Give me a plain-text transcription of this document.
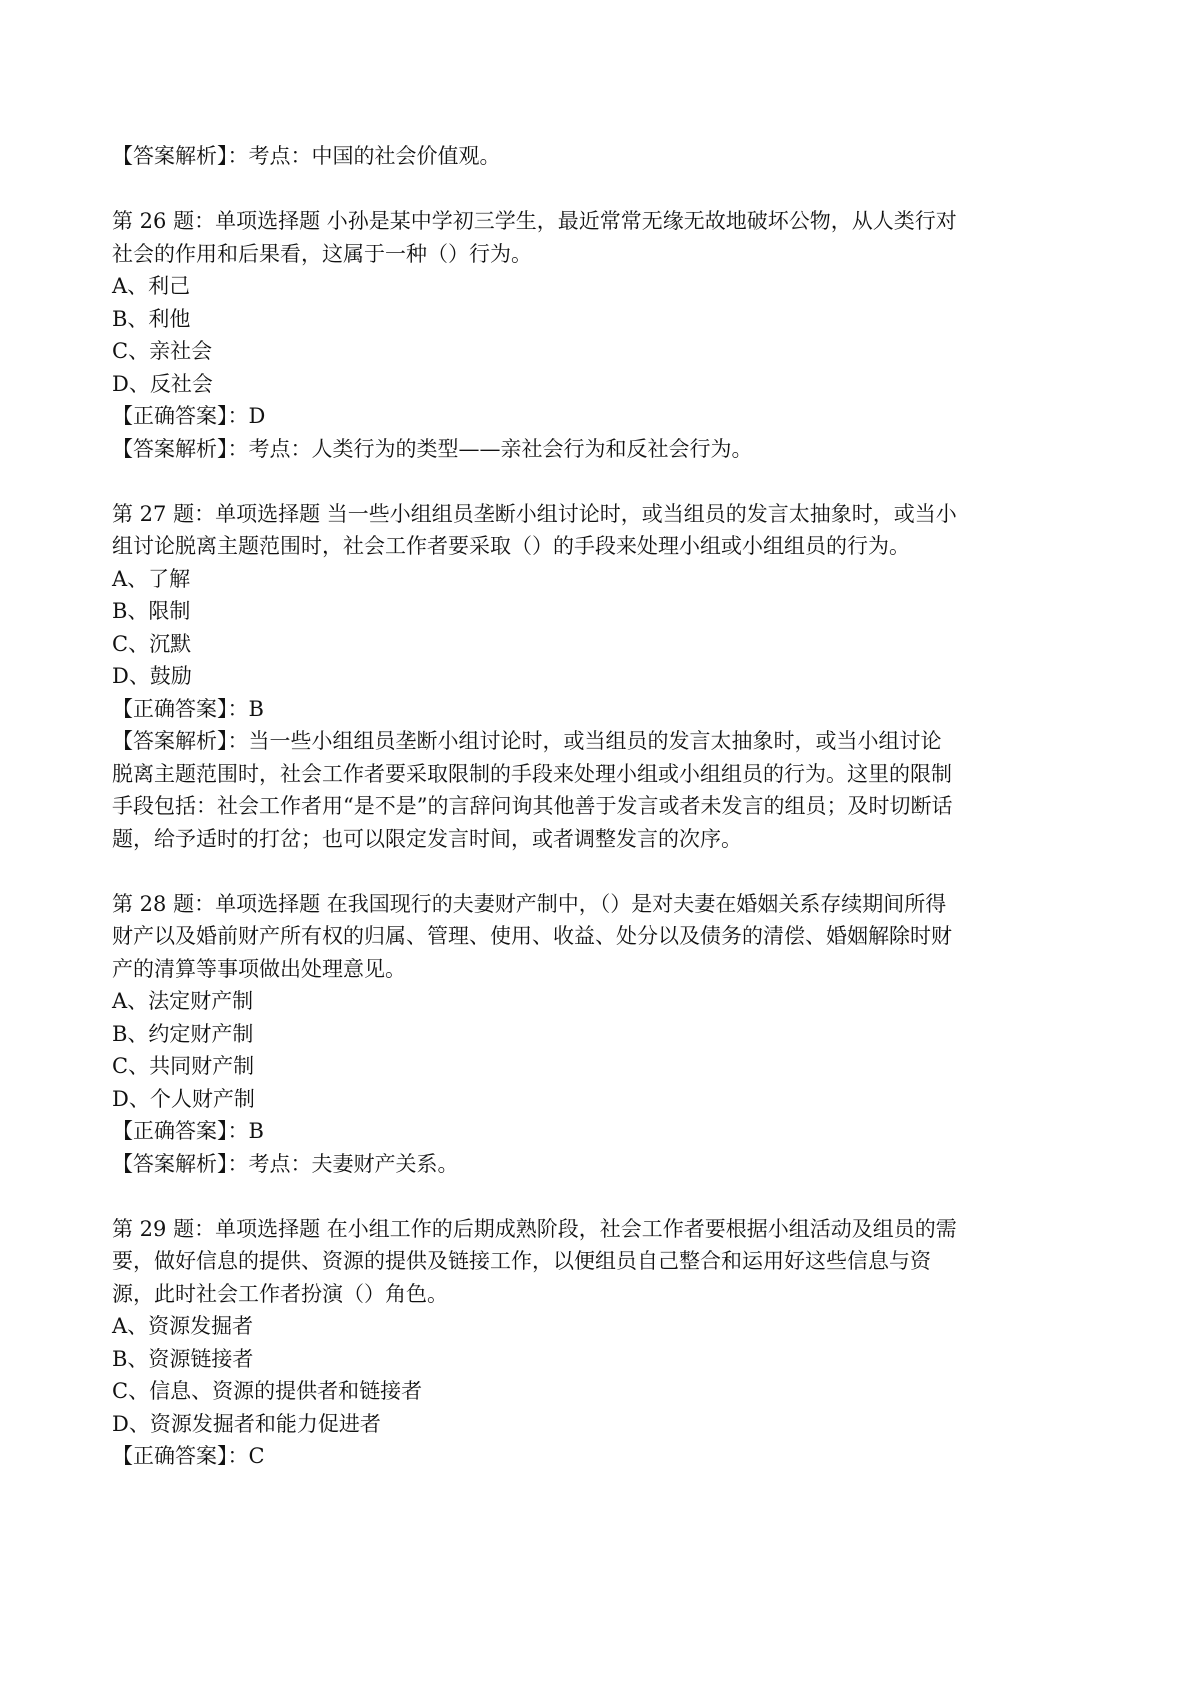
【答案解析】：考点：中国的社会价值观。

第 26 题：单项选择题 小孙是某中学初三学生，最近常常无缘无故地破坏公物，从人类行对

社会的作用和后果看，这属于一种（）行为。

A、利己

B、利他

C、亲社会

D、反社会

【正确答案】：D

【答案解析】：考点：人类行为的类型——亲社会行为和反社会行为。

第 27 题：单项选择题 当一些小组组员垄断小组讨论时，或当组员的发言太抽象时，或当小

组讨论脱离主题范围时，社会工作者要采取（）的手段来处理小组或小组组员的行为。

A、了解

B、限制

C、沉默

D、鼓励

【正确答案】：B

【答案解析】：当一些小组组员垄断小组讨论时，或当组员的发言太抽象时，或当小组讨论

脱离主题范围时，社会工作者要采取限制的手段来处理小组或小组组员的行为。这里的限制

手段包括：社会工作者用“是不是”的言辞问询其他善于发言或者未发言的组员；及时切断话

题，给予适时的打岔；也可以限定发言时间，或者调整发言的次序。

第 28 题：单项选择题 在我国现行的夫妻财产制中，（）是对夫妻在婚姻关系存续期间所得

财产以及婚前财产所有权的归属、管理、使用、收益、处分以及债务的清偿、婚姻解除时财

产的清算等事项做出处理意见。

A、法定财产制

B、约定财产制

C、共同财产制

D、个人财产制

【正确答案】：B

【答案解析】：考点：夫妻财产关系。

第 29 题：单项选择题 在小组工作的后期成熟阶段，社会工作者要根据小组活动及组员的需

要，做好信息的提供、资源的提供及链接工作，以便组员自己整合和运用好这些信息与资

源，此时社会工作者扮演（）角色。

A、资源发掘者

B、资源链接者

C、信息、资源的提供者和链接者

D、资源发掘者和能力促进者

【正确答案】：C
